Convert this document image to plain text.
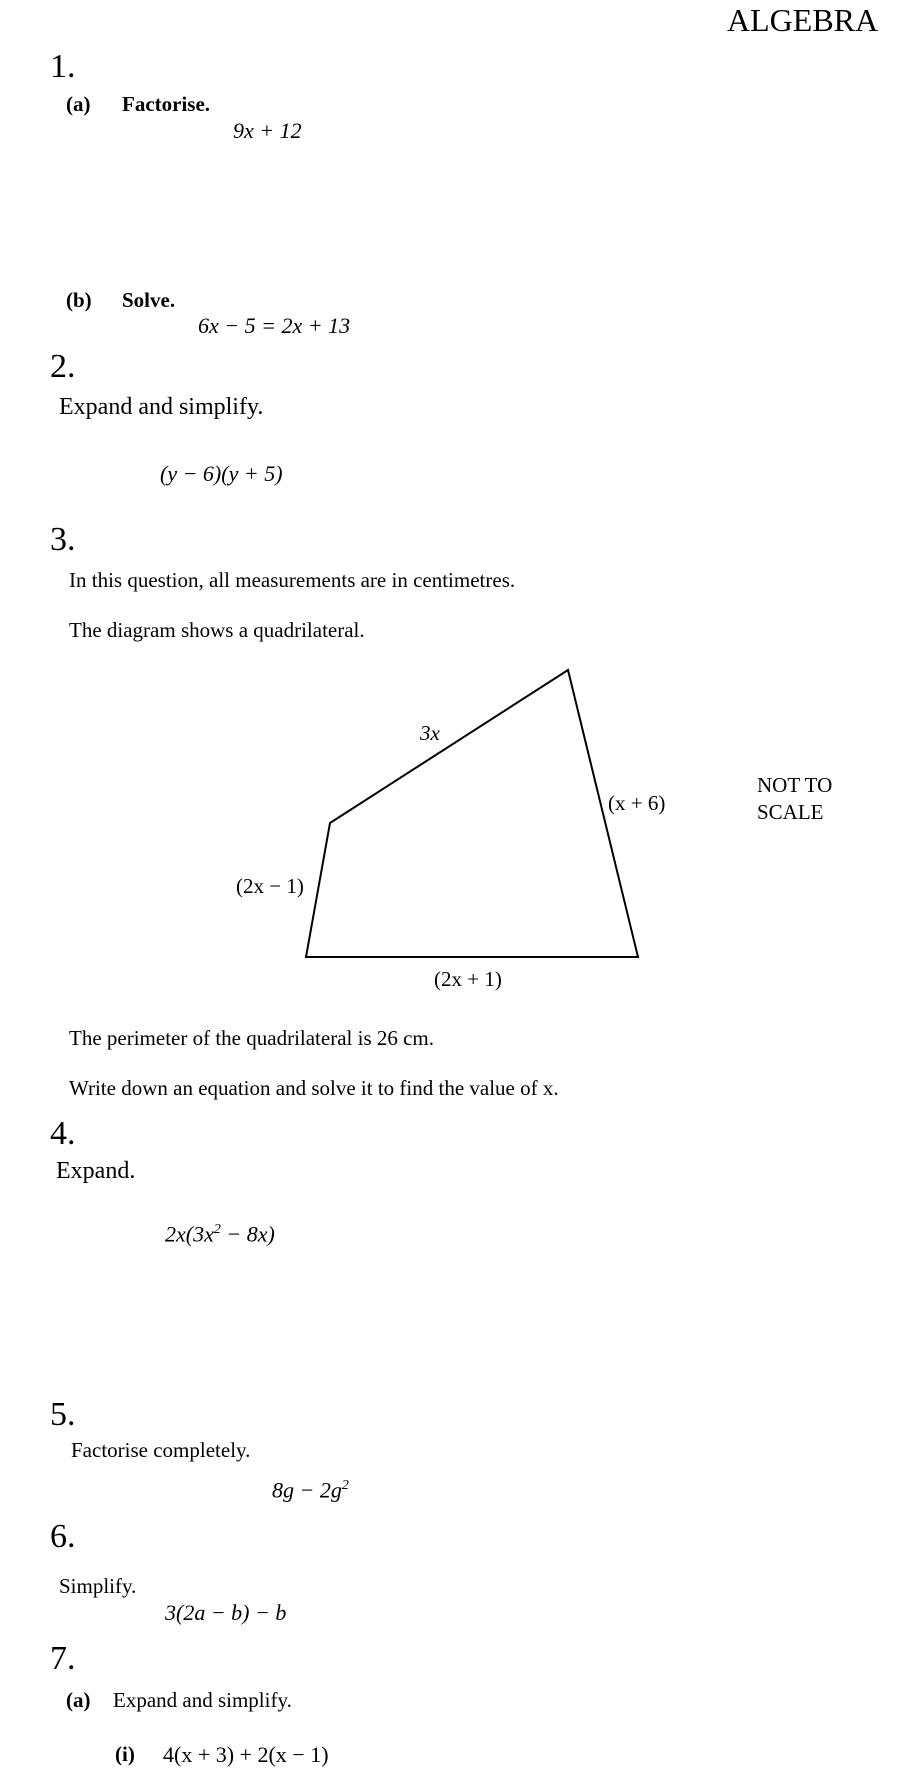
ALGEBRA
1.
(a) Factorise.
9x + 12
(b) Solve.
6x − 5 = 2x + 13
2.
Expand and simplify.
(y − 6)(y + 5)
3.
In this question, all measurements are in centimetres.
The diagram shows a quadrilateral.
3x
(x + 6)
(2x − 1)
(2x + 1)
NOT TO
SCALE
The perimeter of the quadrilateral is 26 cm.
Write down an equation and solve it to find the value of x.
4.
Expand.
$2x(3x^2 - 8x)$
5.
Factorise completely.
$8g - 2g^2$
6.
Simplify.
3(2a − b) − b
7.
(a) Expand and simplify.
(i) 4(x + 3) + 2(x − 1)
